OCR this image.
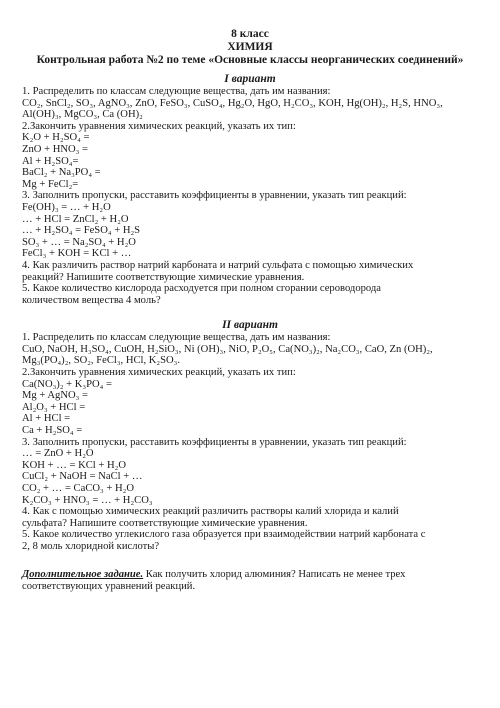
8 класс
ХИМИЯ
Контрольная работа №2 по теме «Основные классы неорганических соединений»
I вариант
1. Распределить по классам следующие вещества, дать им названия:
CO₂, SnCl₂, SO₃, AgNO₃, ZnO, FeSO₃, CuSO₄, Hg₂O, HgO, H₂CO₃, KOH, Hg(OH)₂, H₂S, HNO₃,
Al(OH)₃, MgCO₃, Ca (OH)₂
2.Закончить уравнения химических реакций, указать их тип:
K₂O + H₂SO₄ =
ZnO + HNO₃ =
Al + H₂SO₄=
BaCl₂ + Na₃PO₄ =
Mg + FeCl₂=
3. Заполнить пропуски, расставить коэффициенты в уравнении, указать тип реакций:
Fe(OH)₃ = … + H₂O
… + HCl = ZnCl₂ + H₂O
… + H₂SO₄ = FeSO₄ + H₂S
SO₃ + … = Na₂SO₄ + H₂O
FeCl₃ + KOH = KCl + …
4. Как различить раствор натрий карбоната и натрий сульфата с помощью химических
реакций? Напишите соответствующие химические уравнения.
5. Какое количество кислорода расходуется при полном сгорании сероводорода
количеством вещества 4 моль?
II вариант
1. Распределить по классам следующие вещества, дать им названия:
CuO, NaOH, H₃SO₄, CuOH, H₂SiO₃, Ni (OH)₃, NiO, P₂O₅, Ca(NO₃)₂, Na₂CO₃, CaO, Zn (OH)₂,
Mg₃(PO₄)₂, SO₂, FeCl₃, HCl, K₂SO₃.
2.Закончить уравнения химических реакций, указать их тип:
Ca(NO₃)₂ + K₃PO₄ =
Mg + AgNO₃ =
Al₂O₃ + HCl =
Al + HCl =
Ca + H₂SO₄ =
3. Заполнить пропуски, расставить коэффициенты в уравнении, указать тип реакций:
… = ZnO + H₂O
KOH + … = KCl + H₂O
CuCl₂ + NaOH = NaCl + …
CO₂ + … = CaCO₃ + H₂O
K₂CO₃ + HNO₃ = … + H₂CO₃
4. Как с помощью химических реакций различить растворы калий хлорида и калий
сульфата? Напишите соответствующие химические уравнения.
5. Какое количество углекислого газа образуется при взаимодействии натрий карбоната с
2, 8 моль хлоридной кислоты?
Дополнительное задание. Как получить хлорид алюминия? Написать не менее трех
соответствующих уравнений реакций.
